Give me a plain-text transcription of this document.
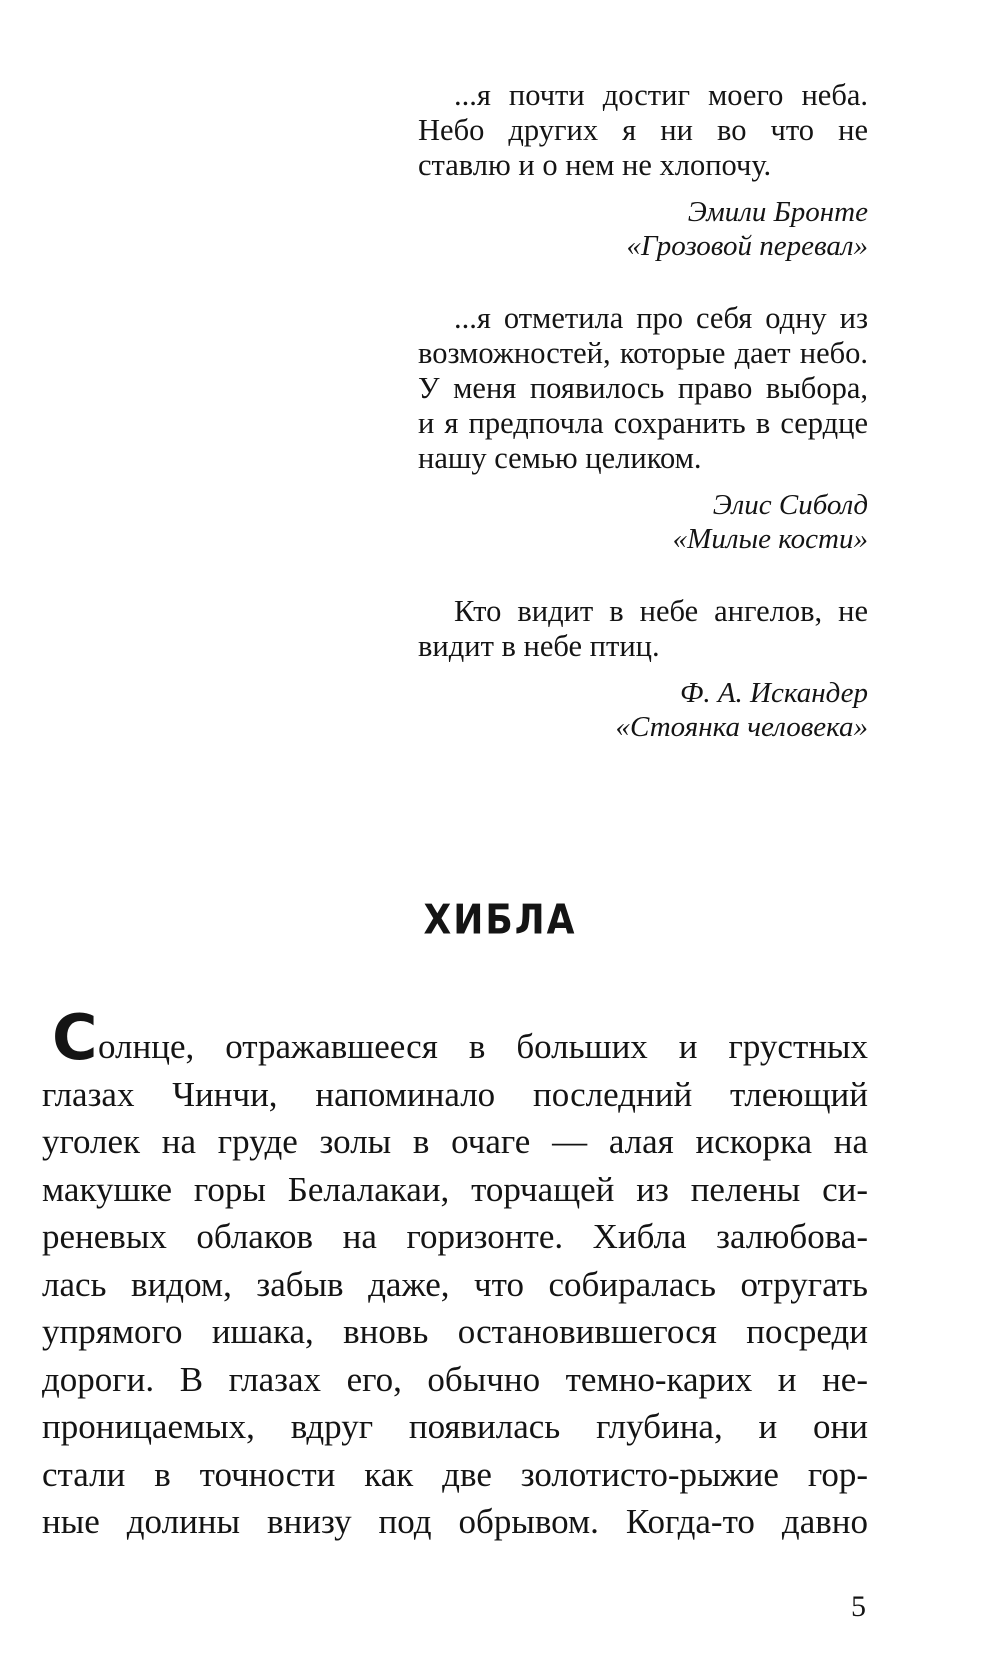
...я почти достиг моего неба. Небо других я ни во что не ставлю и о нем не хлопочу.

Эмили Бронте
«Грозовой перевал»

...я отметила про себя одну из возможностей, которые дает небо. У меня появилось право выбора, и я предпочла сохранить в сердце нашу семью целиком.

Элис Сиболд
«Милые кости»

Кто видит в небе ангелов, не видит в небе птиц.

Ф. А. Искандер
«Стоянка человека»
ХИБЛА
С олнце, отражавшееся в больших и грустных
глазах Чинчи, напоминало последний тлеющий
уголек на груде золы в очаге — алая искорка на
макушке горы Белалакаи, торчащей из пелены си-
реневых облаков на горизонте. Хибла залюбова-
лась видом, забыв даже, что собиралась отругать
упрямого ишака, вновь остановившегося посреди
дороги. В глазах его, обычно темно-карих и не-
проницаемых, вдруг появилась глубина, и они
стали в точности как две золотисто-рыжие гор-
ные долины внизу под обрывом. Когда-то давно
5
